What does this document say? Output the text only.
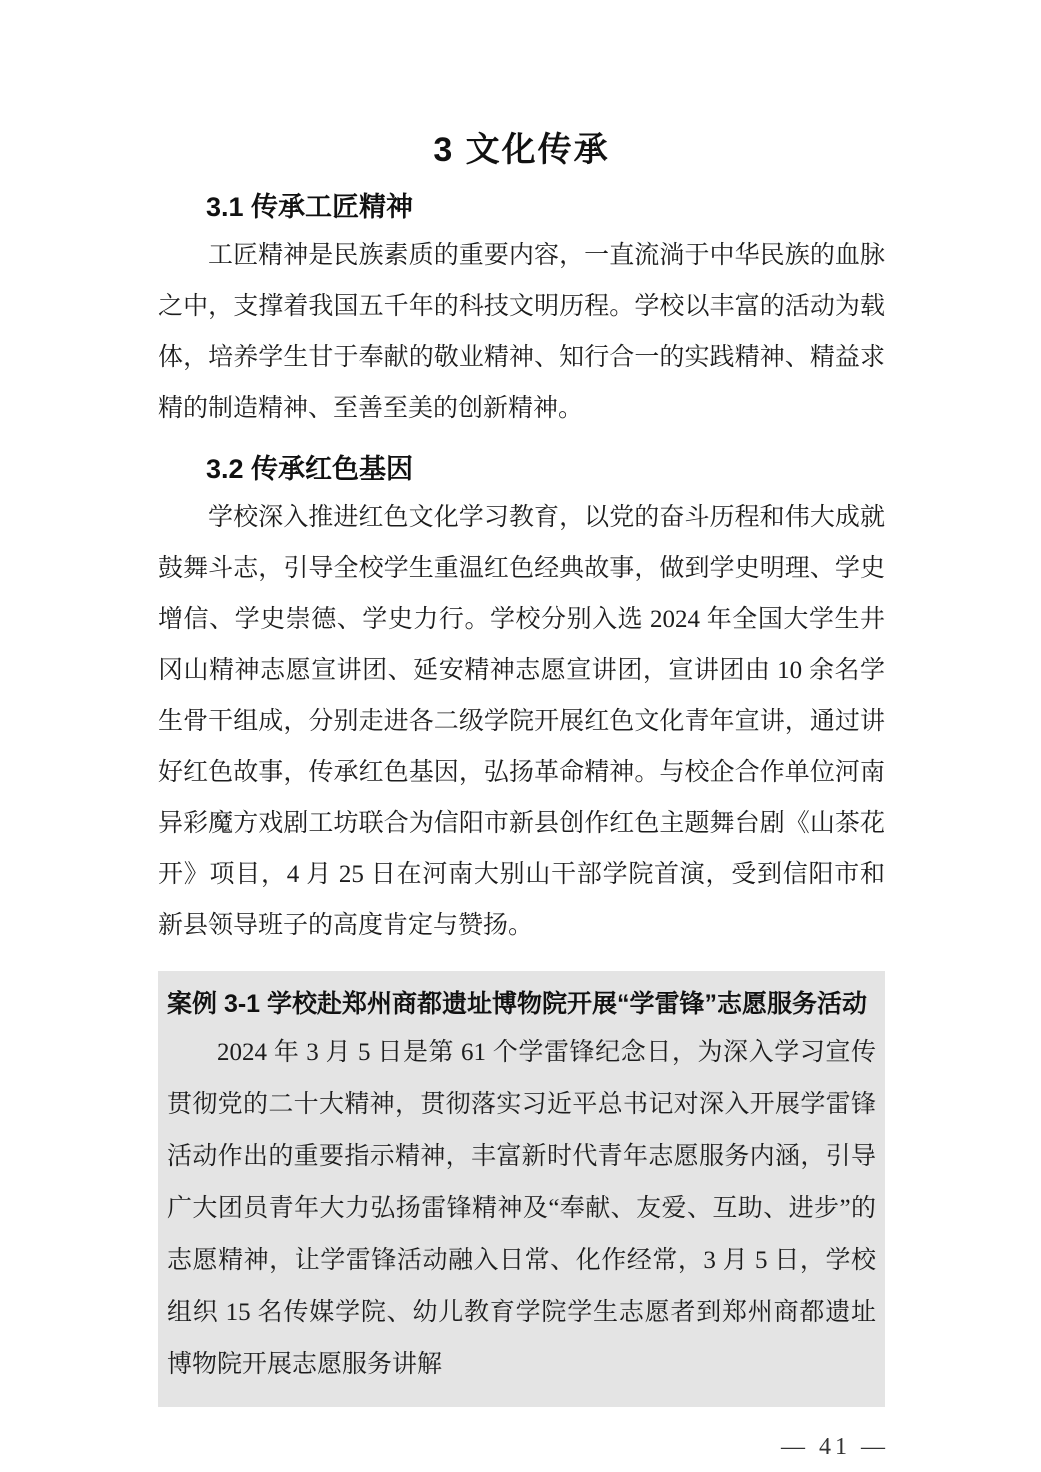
3 文化传承
3.1 传承工匠精神

工匠精神是民族素质的重要内容，一直流淌于中华民族的血脉之中，支撑着我国五千年的科技文明历程。学校以丰富的活动为载体，培养学生甘于奉献的敬业精神、知行合一的实践精神、精益求精的制造精神、至善至美的创新精神。

3.2 传承红色基因

学校深入推进红色文化学习教育，以党的奋斗历程和伟大成就鼓舞斗志，引导全校学生重温红色经典故事，做到学史明理、学史增信、学史崇德、学史力行。学校分别入选 2024 年全国大学生井冈山精神志愿宣讲团、延安精神志愿宣讲团，宣讲团由 10 余名学生骨干组成，分别走进各二级学院开展红色文化青年宣讲，通过讲好红色故事，传承红色基因，弘扬革命精神。与校企合作单位河南异彩魔方戏剧工坊联合为信阳市新县创作红色主题舞台剧《山茶花开》项目，4 月 25 日在河南大别山干部学院首演，受到信阳市和新县领导班子的高度肯定与赞扬。

案例 3-1 学校赴郑州商都遗址博物院开展“学雷锋”志愿服务活动

2024 年 3 月 5 日是第 61 个学雷锋纪念日，为深入学习宣传贯彻党的二十大精神，贯彻落实习近平总书记对深入开展学雷锋活动作出的重要指示精神，丰富新时代青年志愿服务内涵，引导广大团员青年大力弘扬雷锋精神及“奉献、友爱、互助、进步”的志愿精神，让学雷锋活动融入日常、化作经常，3 月 5 日，学校组织 15 名传媒学院、幼儿教育学院学生志愿者到郑州商都遗址博物院开展志愿服务讲解

— 41 —
